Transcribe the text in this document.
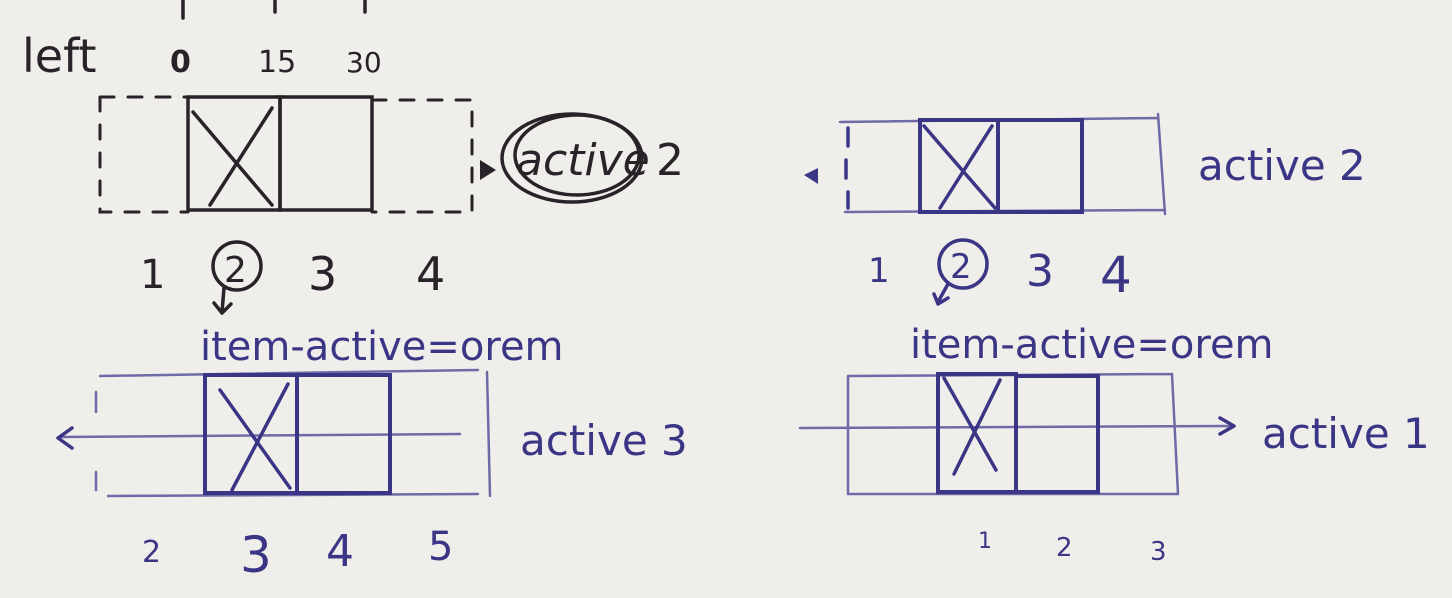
left 0 15 30
active 2
1 2 3 4
item-active=orem
active 2
1 2 3 4
item-active=orem
active 3
2 3 4 5
active 1
1 2	3
